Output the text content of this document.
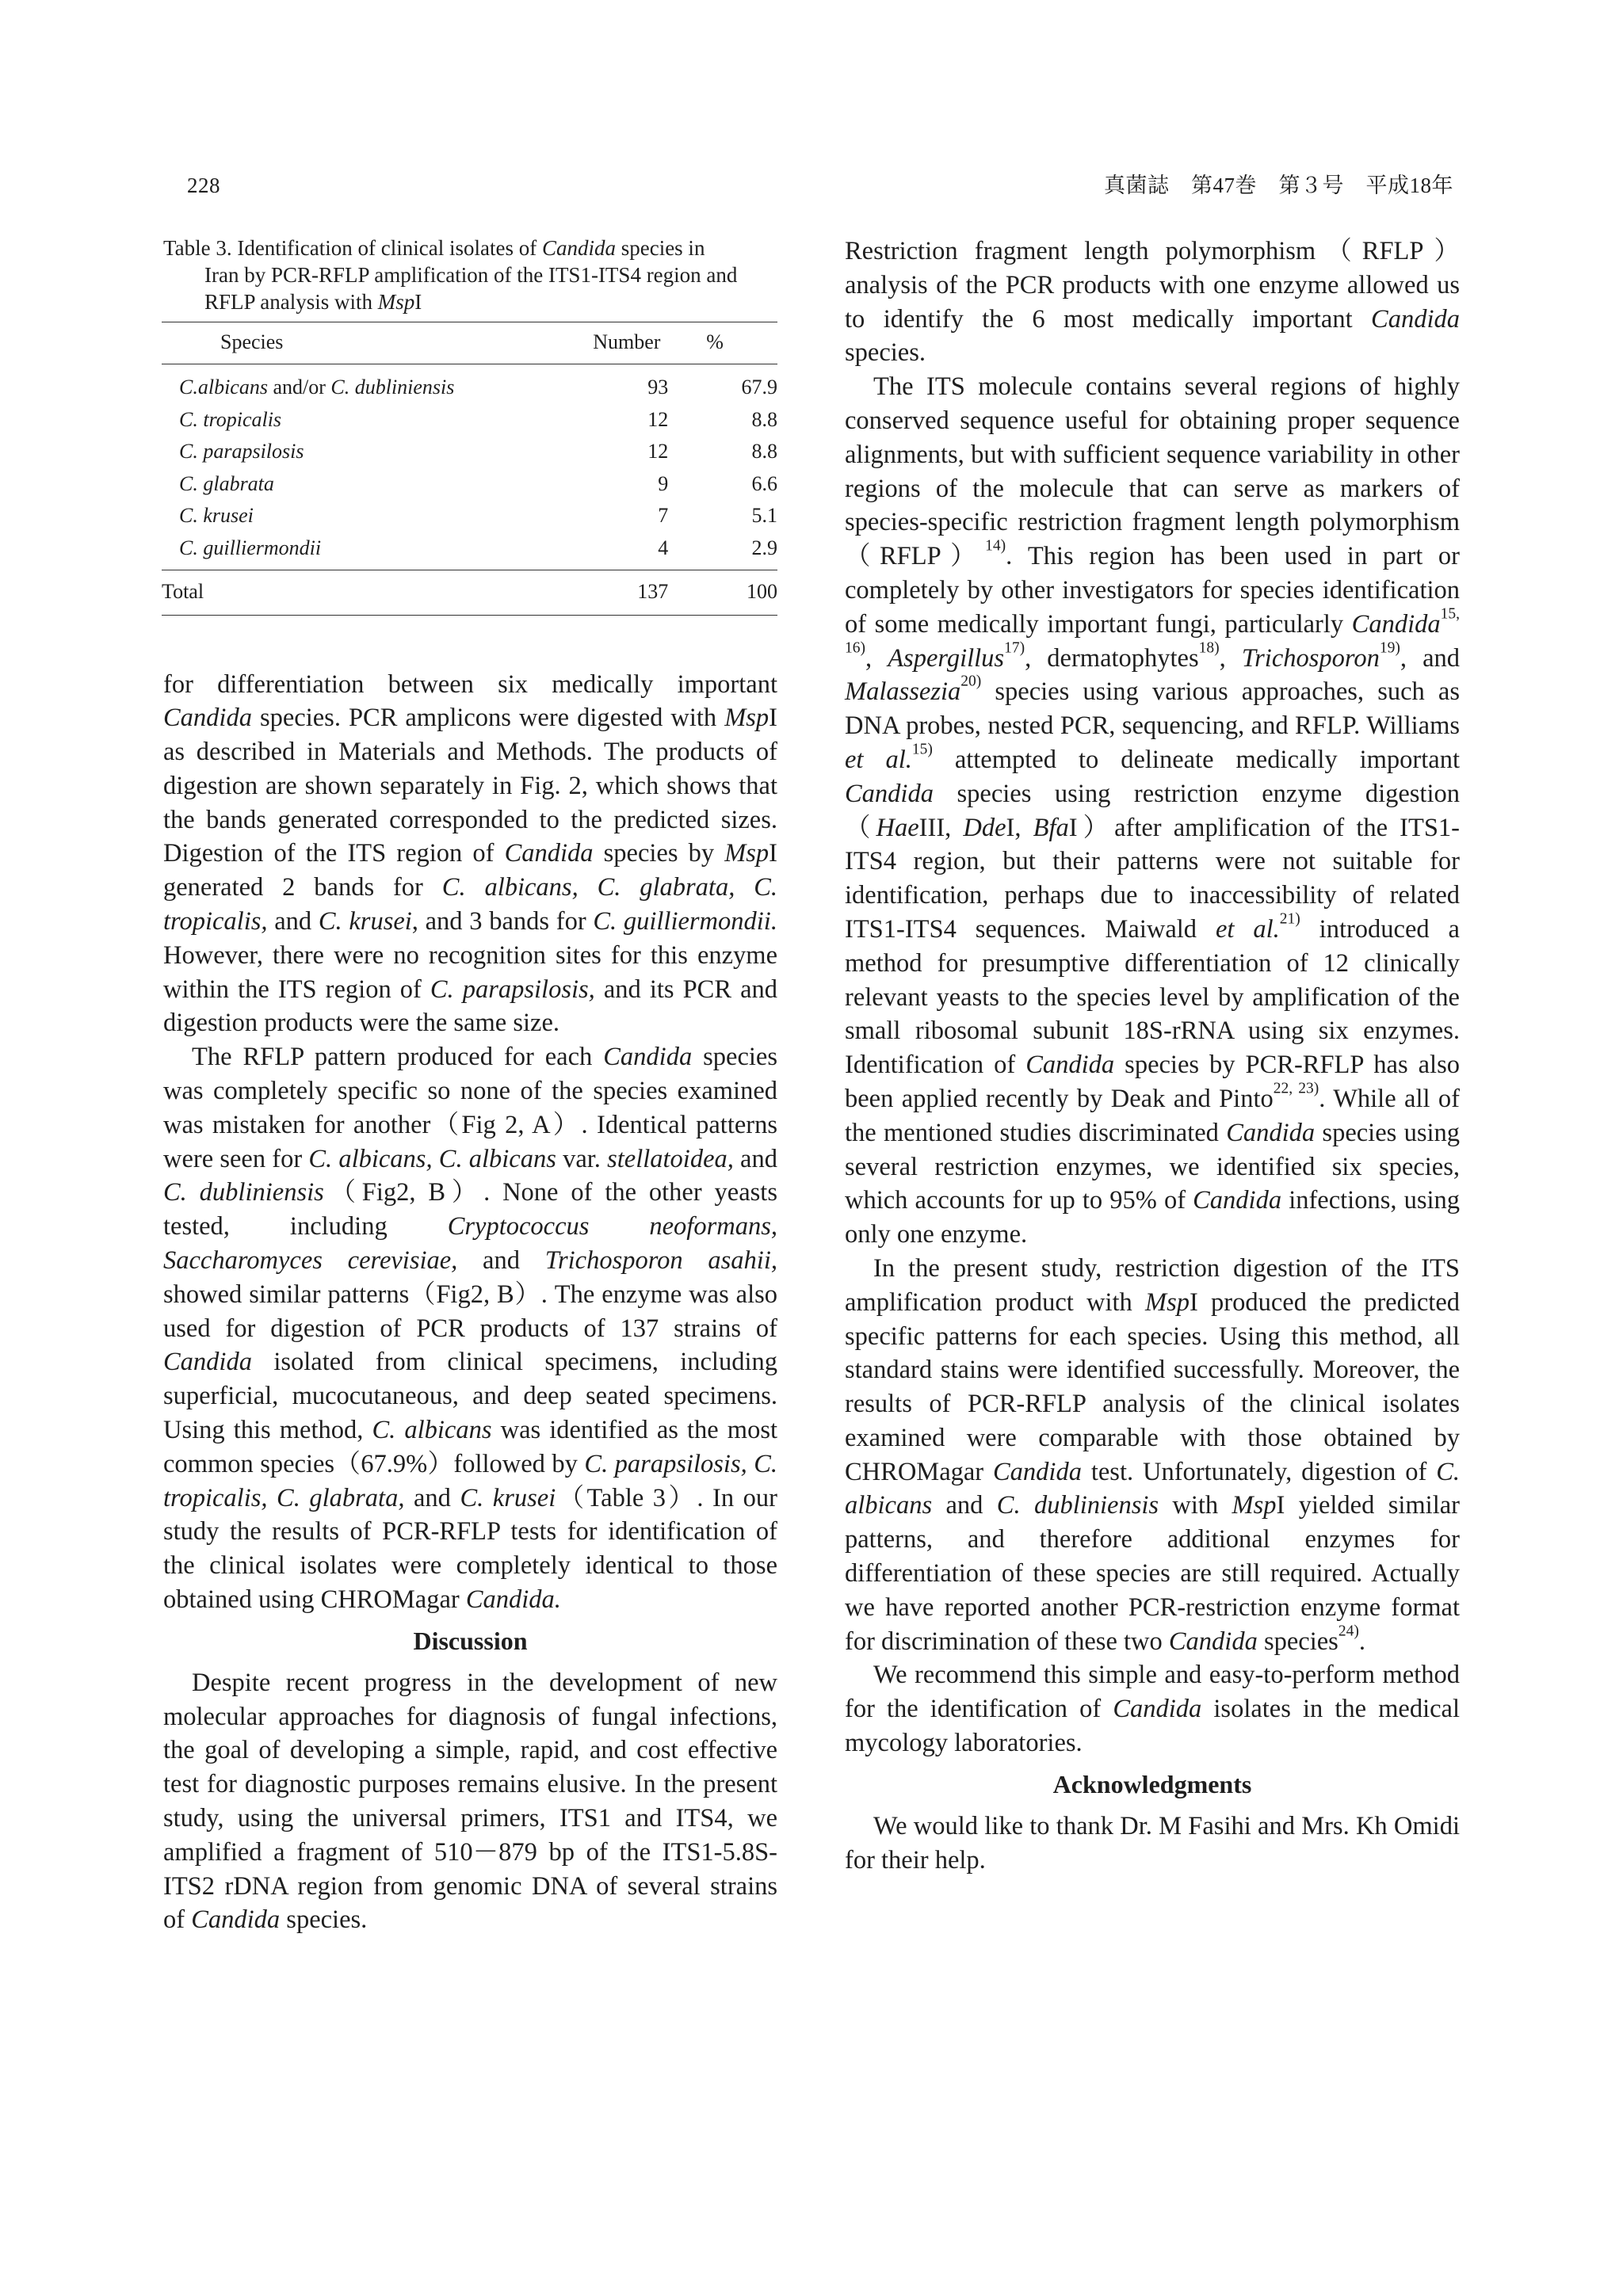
228	真菌誌　第47巻　第３号　平成18年
Table 3. Identification of clinical isolates of Candida species in
Iran by PCR-RFLP amplification of the ITS1-ITS4 region and
RFLP analysis with MspI
Species		Number	%
C.albicans and/or C. dubliniensis		93	67.9
C. tropicalis		12	8.8
C. parapsilosis		12	8.8
C. glabrata		9	6.6
C. krusei		7	5.1
C. guilliermondii		4	2.9
Total		137	100

for differentiation between six medically important Candida species. PCR amplicons were digested with MspI as described in Materials and Methods. The products of digestion are shown separately in Fig. 2, which shows that the bands generated corresponded to the predicted sizes. Digestion of the ITS region of Candida species by MspI generated 2 bands for C. albicans, C. glabrata, C. tropicalis, and C. krusei, and 3 bands for C. guilliermondii. However, there were no recognition sites for this enzyme within the ITS region of C. parapsilosis, and its PCR and digestion products were the same size.

The RFLP pattern produced for each Candida species was completely specific so none of the species examined was mistaken for another（Fig 2, A）. Identical patterns were seen for C. albicans, C. albicans var. stellatoidea, and C. dubliniensis（Fig2, B）. None of the other yeasts tested, including Cryptococcus neoformans, Saccharomyces cerevisiae, and Trichosporon asahii, showed similar patterns（Fig2, B）. The enzyme was also used for digestion of PCR products of 137 strains of Candida isolated from clinical specimens, including superficial, mucocutaneous, and deep seated specimens. Using this method, C. albicans was identified as the most common species（67.9%）followed by C. parapsilosis, C. tropicalis, C. glabrata, and C. krusei（Table 3）. In our study the results of PCR-RFLP tests for identification of the clinical isolates were completely identical to those obtained using CHROMagar Candida.

Discussion

Despite recent progress in the development of new molecular approaches for diagnosis of fungal infections, the goal of developing a simple, rapid, and cost effective test for diagnostic purposes remains elusive. In the present study, using the universal primers, ITS1 and ITS4, we amplified a fragment of 510－879 bp of the ITS1-5.8S-ITS2 rDNA region from genomic DNA of several strains of Candida species.

Restriction fragment length polymorphism（RFLP）analysis of the PCR products with one enzyme allowed us to identify the 6 most medically important Candida species.

The ITS molecule contains several regions of highly conserved sequence useful for obtaining proper sequence alignments, but with sufficient sequence variability in other regions of the molecule that can serve as markers of species-specific restriction fragment length polymorphism（RFLP）$^{14)}$. This region has been used in part or completely by other investigators for species identification of some medically important fungi, particularly Candida$^{15, 16)}$, Aspergillus$^{17)}$, dermatophytes$^{18)}$, Trichosporon$^{19)}$, and Malassezia$^{20)}$ species using various approaches, such as DNA probes, nested PCR, sequencing, and RFLP. Williams et al.$^{15)}$ attempted to delineate medically important Candida species using restriction enzyme digestion（HaeIII, DdeI, BfaI）after amplification of the ITS1-ITS4 region, but their patterns were not suitable for identification, perhaps due to inaccessibility of related ITS1-ITS4 sequences. Maiwald et al.$^{21)}$ introduced a method for presumptive differentiation of 12 clinically relevant yeasts to the species level by amplification of the small ribosomal subunit 18S-rRNA using six enzymes. Identification of Candida species by PCR-RFLP has also been applied recently by Deak and Pinto$^{22, 23)}$. While all of the mentioned studies discriminated Candida species using several restriction enzymes, we identified six species, which accounts for up to 95% of Candida infections, using only one enzyme.

In the present study, restriction digestion of the ITS amplification product with MspI produced the predicted specific patterns for each species. Using this method, all standard stains were identified successfully. Moreover, the results of PCR-RFLP analysis of the clinical isolates examined were comparable with those obtained by CHROMagar Candida test. Unfortunately, digestion of C. albicans and C. dubliniensis with MspI yielded similar patterns, and therefore additional enzymes for differentiation of these species are still required. Actually we have reported another PCR-restriction enzyme format for discrimination of these two Candida species$^{24)}$.

We recommend this simple and easy-to-perform method for the identification of Candida isolates in the medical mycology laboratories.

Acknowledgments

We would like to thank Dr. M Fasihi and Mrs. Kh Omidi for their help.
